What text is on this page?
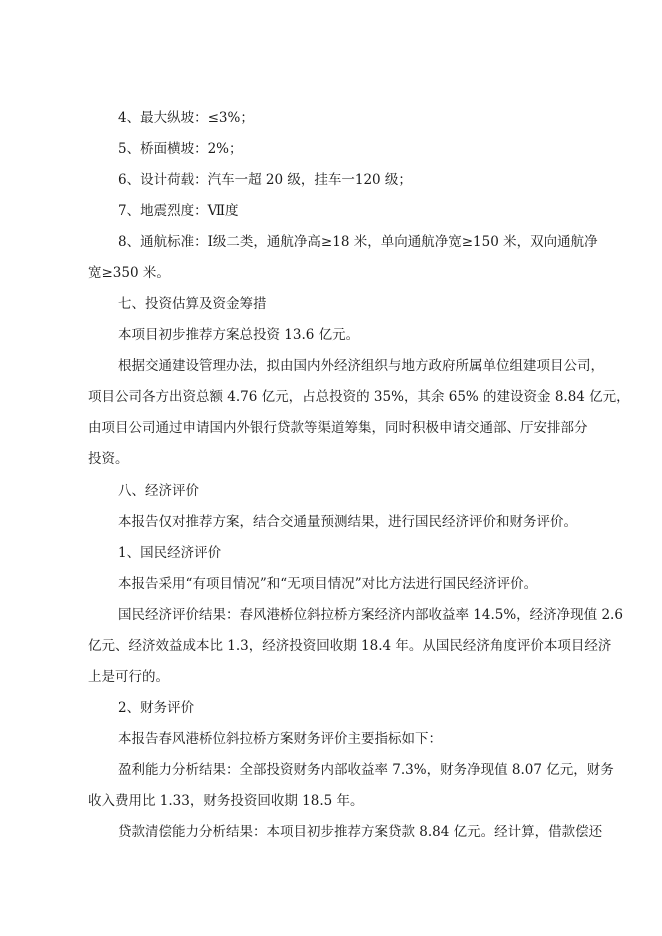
4、最大纵坡：≤3%；
5、桥面横坡：2%；
6、设计荷载：汽车一超 20 级，挂车一120 级；
7、地震烈度：Ⅶ度
8、通航标准：Ⅰ级二类，通航净高≥18 米，单向通航净宽≥150 米，双向通航净
宽≥350 米。
七、投资估算及资金筹措
本项目初步推荐方案总投资 13.6 亿元。
根据交通建设管理办法，拟由国内外经济组织与地方政府所属单位组建项目公司，
项目公司各方出资总额 4.76 亿元，占总投资的 35%，其余 65% 的建设资金 8.84 亿元，
由项目公司通过申请国内外银行贷款等渠道筹集，同时积极申请交通部、厅安排部分
投资。
八、经济评价
本报告仅对推荐方案，结合交通量预测结果，进行国民经济评价和财务评价。
1、国民经济评价
本报告采用“有项目情况”和“无项目情况”对比方法进行国民经济评价。
国民经济评价结果：春风港桥位斜拉桥方案经济内部收益率 14.5%，经济净现值 2.6
亿元、经济效益成本比 1.3，经济投资回收期 18.4 年。从国民经济角度评价本项目经济
上是可行的。
2、财务评价
本报告春风港桥位斜拉桥方案财务评价主要指标如下：
盈利能力分析结果：全部投资财务内部收益率 7.3%，财务净现值 8.07 亿元，财务
收入费用比 1.33，财务投资回收期 18.5 年。
贷款清偿能力分析结果：本项目初步推荐方案贷款 8.84 亿元。经计算，借款偿还
